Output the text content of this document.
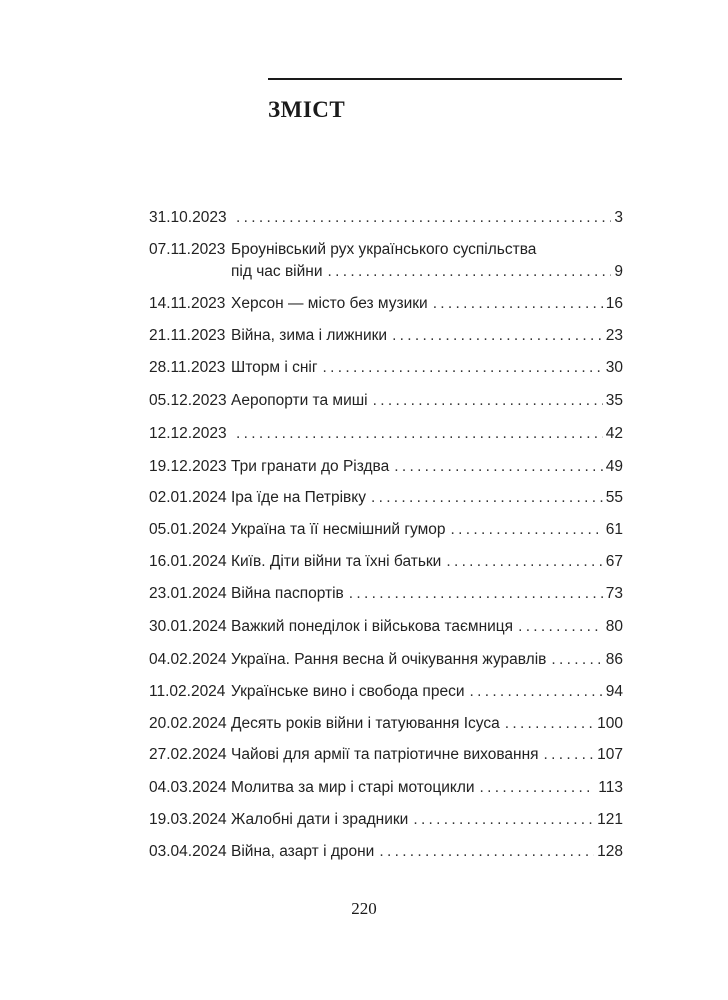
ЗМІСТ
31.10.2023 . . .	3
07.11.2023 Броунівський рух українського суспільства
під час війни . . .	9
14.11.2023 Херсон — місто без музики . . .	16
21.11.2023 Війна, зима і лижники . . .	23
28.11.2023 Шторм і сніг . . .	30
05.12.2023 Аеропорти та миші . . .	35
12.12.2023 . . .	42
19.12.2023 Три гранати до Різдва . . .	49
02.01.2024 Іра їде на Петрівку . . .	55
05.01.2024 Україна та її несмішний гумор . . .	61
16.01.2024 Київ. Діти війни та їхні батьки . . .	67
23.01.2024 Війна паспортів . . .	73
30.01.2024 Важкий понеділок і військова таємниця . . .	80
04.02.2024 Україна. Рання весна й очікування журавлів . . .	86
11.02.2024 Українське вино і свобода преси . . .	94
20.02.2024 Десять років війни і татуювання Ісуса . . .	100
27.02.2024 Чайові для армії та патріотичне виховання . . .	107
04.03.2024 Молитва за мир і старі мотоцикли . . .	113
19.03.2024 Жалобні дати і зрадники . . .	121
03.04.2024 Війна, азарт і дрони . . .	128
220
